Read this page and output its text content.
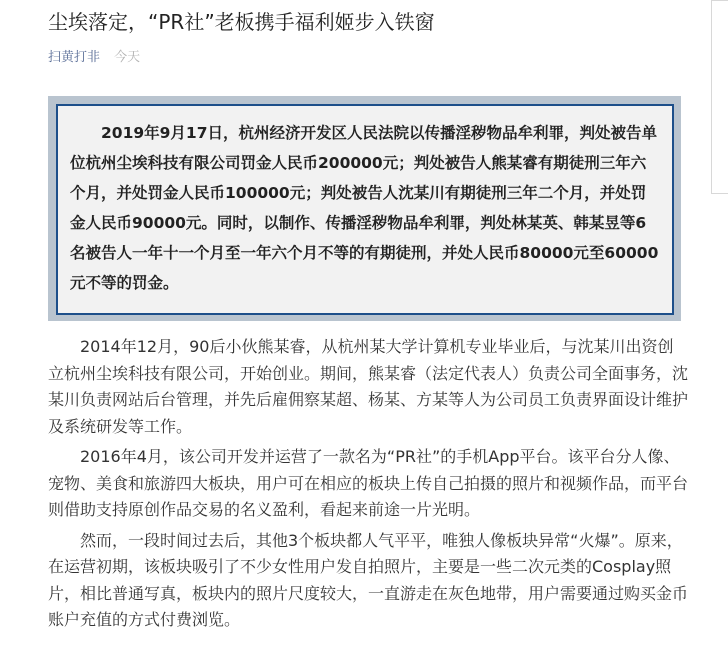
尘埃落定，“PR社”老板携手福利姬步入铁窗
扫黄打非 今天

2019年9月17日，杭州经济开发区人民法院以传播淫秽物品牟利罪，判处被告单位杭州尘埃科技有限公司罚金人民币200000元；判处被告人熊某睿有期徒刑三年六个月，并处罚金人民币100000元；判处被告人沈某川有期徒刑三年二个月，并处罚金人民币90000元。同时，以制作、传播淫秽物品牟利罪，判处林某英、韩某昱等6名被告人一年十一个月至一年六个月不等的有期徒刑，并处人民币80000元至60000元不等的罚金。

2014年12月，90后小伙熊某睿，从杭州某大学计算机专业毕业后，与沈某川出资创立杭州尘埃科技有限公司，开始创业。期间，熊某睿（法定代表人）负责公司全面事务，沈某川负责网站后台管理，并先后雇佣察某超、杨某、方某等人为公司员工负责界面设计维护及系统研发等工作。

2016年4月，该公司开发并运营了一款名为“PR社”的手机App平台。该平台分人像、宠物、美食和旅游四大板块，用户可在相应的板块上传自己拍摄的照片和视频作品，而平台则借助支持原创作品交易的名义盈利，看起来前途一片光明。

然而，一段时间过去后，其他3个板块都人气平平，唯独人像板块异常“火爆”。原来，在运营初期，该板块吸引了不少女性用户发自拍照片，主要是一些二次元类的Cosplay照片，相比普通写真，板块内的照片尺度较大，一直游走在灰色地带，用户需要通过购买金币账户充值的方式付费浏览。
